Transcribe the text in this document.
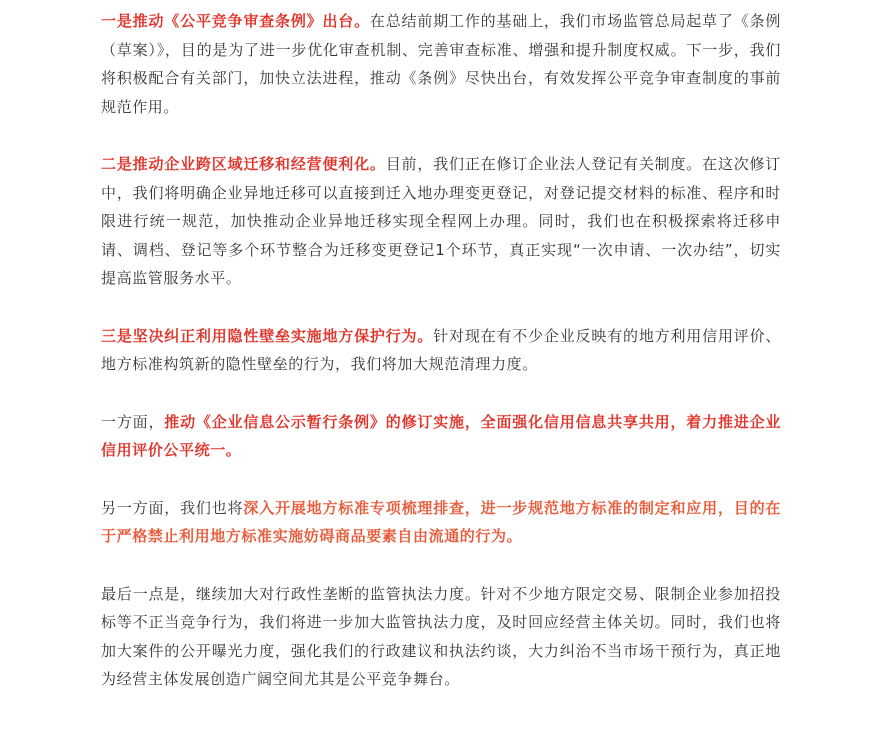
一是推动《公平竞争审查条例》出台。在总结前期工作的基础上，我们市场监管总局起草了《条例（草案）》，目的是为了进一步优化审查机制、完善审查标准、增强和提升制度权威。下一步，我们将积极配合有关部门，加快立法进程，推动《条例》尽快出台，有效发挥公平竞争审查制度的事前规范作用。

二是推动企业跨区域迁移和经营便利化。目前，我们正在修订企业法人登记有关制度。在这次修订中，我们将明确企业异地迁移可以直接到迁入地办理变更登记，对登记提交材料的标准、程序和时限进行统一规范，加快推动企业异地迁移实现全程网上办理。同时，我们也在积极探索将迁移申请、调档、登记等多个环节整合为迁移变更登记1个环节，真正实现“一次申请、一次办结”，切实提高监管服务水平。

三是坚决纠正利用隐性壁垒实施地方保护行为。针对现在有不少企业反映有的地方利用信用评价、地方标准构筑新的隐性壁垒的行为，我们将加大规范清理力度。

一方面，推动《企业信息公示暂行条例》的修订实施，全面强化信用信息共享共用，着力推进企业信用评价公平统一。

另一方面，我们也将深入开展地方标准专项梳理排查，进一步规范地方标准的制定和应用，目的在于严格禁止利用地方标准实施妨碍商品要素自由流通的行为。

最后一点是，继续加大对行政性垄断的监管执法力度。针对不少地方限定交易、限制企业参加招投标等不正当竞争行为，我们将进一步加大监管执法力度，及时回应经营主体关切。同时，我们也将加大案件的公开曝光力度，强化我们的行政建议和执法约谈，大力纠治不当市场干预行为，真正地为经营主体发展创造广阔空间尤其是公平竞争舞台。
